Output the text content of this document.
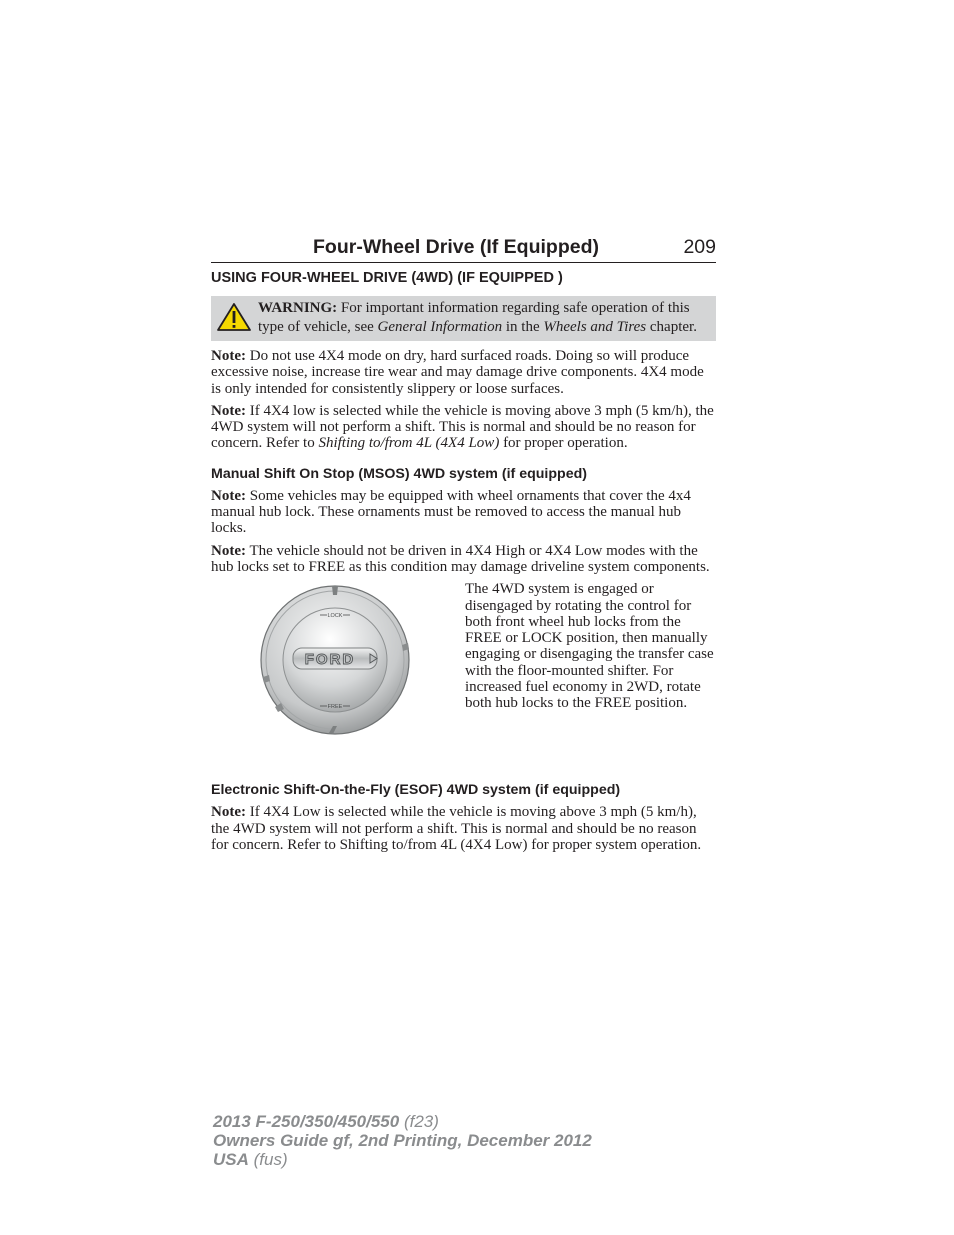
Four-Wheel Drive (If Equipped)	209
USING FOUR-WHEEL DRIVE (4WD) (IF EQUIPPED )
WARNING: For important information regarding safe operation of this type of vehicle, see General Information in the Wheels and Tires chapter.
Note: Do not use 4X4 mode on dry, hard surfaced roads. Doing so will produce excessive noise, increase tire wear and may damage drive components. 4X4 mode is only intended for consistently slippery or loose surfaces.
Note: If 4X4 low is selected while the vehicle is moving above 3 mph (5 km/h), the 4WD system will not perform a shift. This is normal and should be no reason for concern. Refer to Shifting to/from 4L (4X4 Low) for proper operation.
Manual Shift On Stop (MSOS) 4WD system (if equipped)
Note: Some vehicles may be equipped with wheel ornaments that cover the 4x4 manual hub lock. These ornaments must be removed to access the manual hub locks.
Note: The vehicle should not be driven in 4X4 High or 4X4 Low modes with the hub locks set to FREE as this condition may damage driveline system components.
LOCK
FREE
FORD
The 4WD system is engaged or disengaged by rotating the control for both front wheel hub locks from the FREE or LOCK position, then manually engaging or disengaging the transfer case with the floor-mounted shifter. For increased fuel economy in 2WD, rotate both hub locks to the FREE position.
Electronic Shift-On-the-Fly (ESOF) 4WD system (if equipped)
Note: If 4X4 Low is selected while the vehicle is moving above 3 mph (5 km/h), the 4WD system will not perform a shift. This is normal and should be no reason for concern. Refer to Shifting to/from 4L (4X4 Low) for proper system operation.
2013 F-250/350/450/550 (f23)
Owners Guide gf, 2nd Printing, December 2012
USA (fus)
